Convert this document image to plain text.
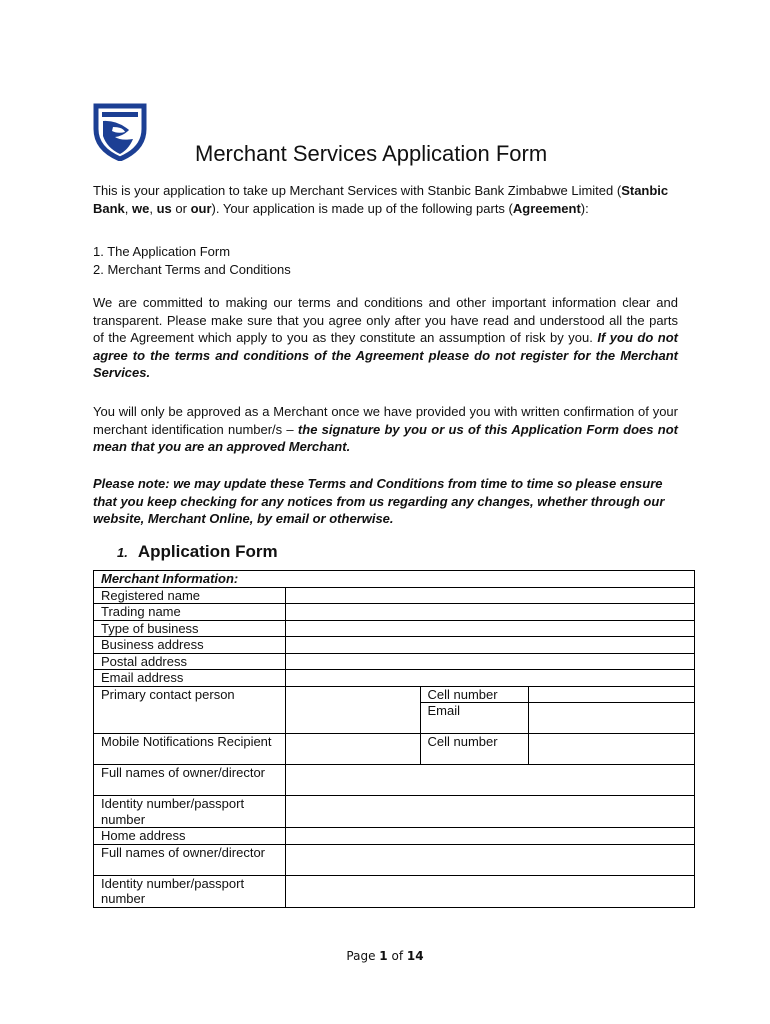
Merchant Services Application Form
This is your application to take up Merchant Services with Stanbic Bank Zimbabwe Limited (Stanbic Bank, we, us or our). Your application is made up of the following parts (Agreement):
1. The Application Form
2. Merchant Terms and Conditions
We are committed to making our terms and conditions and other important information clear and transparent. Please make sure that you agree only after you have read and understood all the parts of the Agreement which apply to you as they constitute an assumption of risk by you. If you do not agree to the terms and conditions of the Agreement please do not register for the Merchant Services.
You will only be approved as a Merchant once we have provided you with written confirmation of your merchant identification number/s – the signature by you or us of this Application Form does not mean that you are an approved Merchant.
Please note: we may update these Terms and Conditions from time to time so please ensure that you keep checking for any notices from us regarding any changes, whether through our website, Merchant Online, by email or otherwise.
1. Application Form
Merchant Information:			
Registered name			
Trading name			
Type of business			
Business address			
Postal address			
Email address			
Primary contact person		Cell number	
		Email	
Mobile Notifications Recipient		Cell number	
Full names of owner/director			
Identity number/passport number			
Home address			
Full names of owner/director			
Identity number/passport number			
Page 1 of 14
